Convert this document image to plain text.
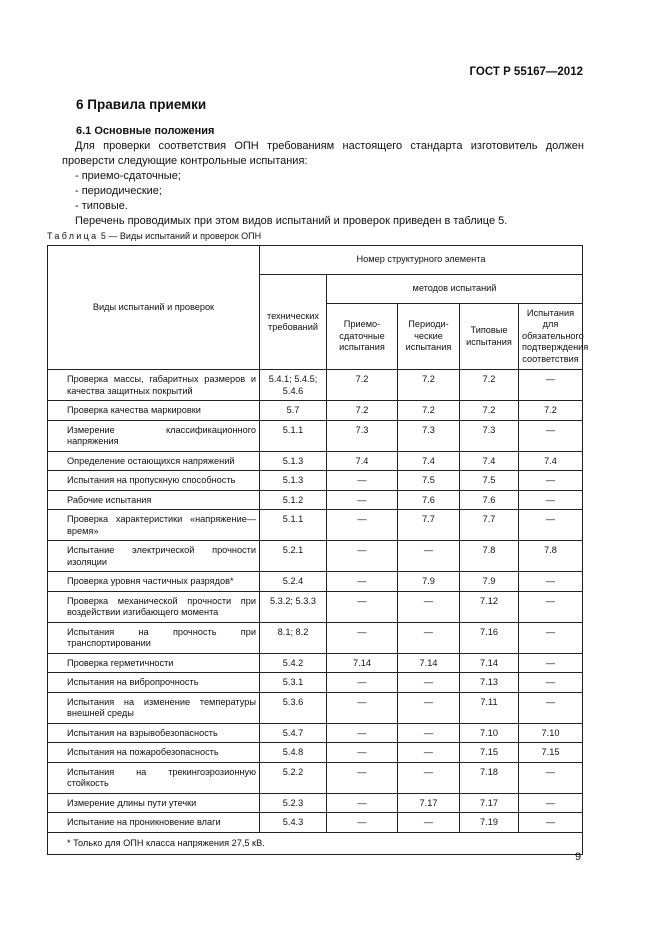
ГОСТ Р 55167—2012
6 Правила приемки
6.1 Основные положения

Для проверки соответствия ОПН требованиям настоящего стандарта изготовитель должен проверсти следующие контрольные испытания:

- приемо-сдаточные;

- периодические;

- типовые.

Перечень проводимых при этом видов испытаний и проверок приведен в таблице 5.

Таблица 5 — Виды испытаний и проверок ОПН
Виды испытаний и проверок	Номер структурного элемента				
	технических требований	методов испытаний			
		Приемо-сдаточные испытания	Периоди-ческие испытания	Типовые испытания	Испытания для обязательного подтверждения соответствия
Проверка массы, габаритных размеров и качества защитных покрытий	5.4.1; 5.4.5; 5.4.6	7.2	7.2	7.2	—
Проверка качества маркировки	5.7	7.2	7.2	7.2	7.2
Измерение классификационного напряжения	5.1.1	7.3	7.3	7.3	—
Определение остающихся напряжений	5.1.3	7.4	7.4	7.4	7.4
Испытания на пропускную способность	5.1.3	—	7.5	7.5	—
Рабочие испытания	5.1.2	—	7.6	7.6	—
Проверка характеристики «напряжение—время»	5.1.1	—	7.7	7.7	—
Испытание электрической прочности изоляции	5.2.1	—	—	7.8	7.8
Проверка уровня частичных разрядов*	5.2.4	—	7.9	7.9	—
Проверка механической прочности при воздействии изгибающего момента	5.3.2; 5.3.3	—	—	7.12	—
Испытания на прочность при транспортировании	8.1; 8.2	—	—	7.16	—
Проверка герметичности	5.4.2	7.14	7.14	7.14	—
Испытания на вибропрочность	5.3.1	—	—	7.13	—
Испытания на изменение температуры внешней среды	5.3.6	—	—	7.11	—
Испытания на взрывобезопасность	5.4.7	—	—	7.10	7.10
Испытания на пожаробезопасность	5.4.8	—	—	7.15	7.15
Испытания на трекингоэрозионную стойкость	5.2.2	—	—	7.18	—
Измерение длины пути утечки	5.2.3	—	7.17	7.17	—
Испытание на проникновение влаги	5.4.3	—	—	7.19	—
* Только для ОПН класса напряжения 27,5 кВ.					
9
